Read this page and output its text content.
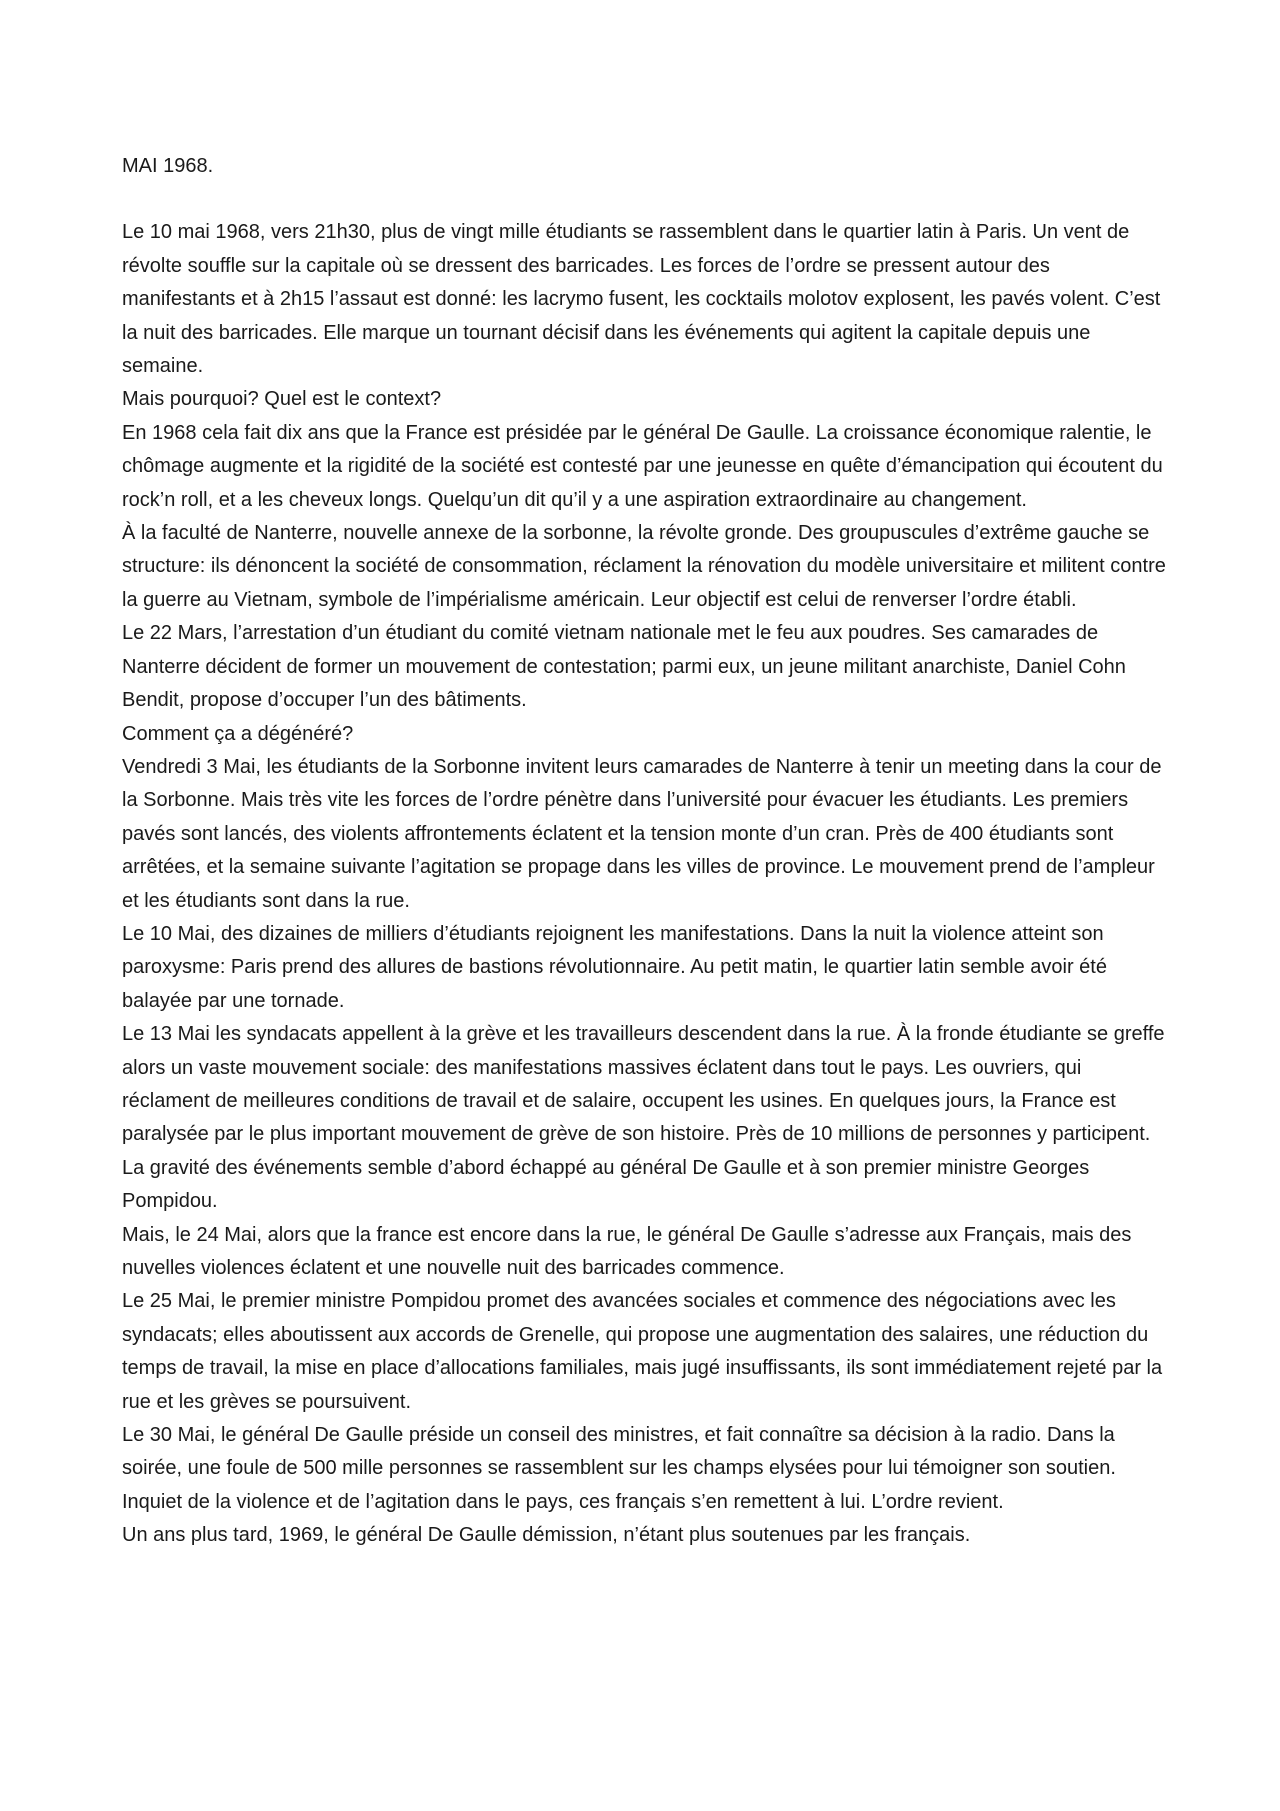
MAI 1968.

Le 10 mai 1968, vers 21h30, plus de vingt mille étudiants se rassemblent dans le quartier latin à Paris. Un vent de révolte souffle sur la capitale où se dressent des barricades. Les forces de l’ordre se pressent autour des manifestants et à 2h15 l’assaut est donné: les lacrymo fusent, les cocktails molotov explosent, les pavés volent. C’est la nuit des barricades. Elle marque un tournant décisif dans les événements qui agitent la capitale depuis une semaine.

Mais pourquoi? Quel est le context?

En 1968 cela fait dix ans que la France est présidée par le général De Gaulle. La croissance économique ralentie, le chômage augmente et la rigidité de la société est contesté par une jeunesse en quête d’émancipation qui écoutent du rock’n roll, et a les cheveux longs. Quelqu’un dit qu’il y a une aspiration extraordinaire au changement.

À la faculté de Nanterre, nouvelle annexe de la sorbonne, la révolte gronde. Des groupuscules d’extrême gauche se structure: ils dénoncent la société de consommation, réclament la rénovation du modèle universitaire et militent contre la guerre au Vietnam, symbole de l’impérialisme américain. Leur objectif est celui de renverser l’ordre établi.

Le 22 Mars, l’arrestation d’un étudiant du comité vietnam nationale met le feu aux poudres. Ses camarades de Nanterre décident de former un mouvement de contestation; parmi eux, un jeune militant anarchiste, Daniel Cohn Bendit, propose d’occuper l’un des bâtiments.

Comment ça a dégénéré?

Vendredi 3 Mai, les étudiants de la Sorbonne invitent leurs camarades de Nanterre à tenir un meeting dans la cour de la Sorbonne. Mais très vite les forces de l’ordre pénètre dans l’université pour évacuer les étudiants. Les premiers pavés sont lancés, des violents affrontements éclatent et la tension monte d’un cran. Près de 400 étudiants sont arrêtées, et la semaine suivante l’agitation se propage dans les villes de province. Le mouvement prend de l’ampleur et les étudiants sont dans la rue.

Le 10 Mai, des dizaines de milliers d’étudiants rejoignent les manifestations. Dans la nuit la violence atteint son paroxysme: Paris prend des allures de bastions révolutionnaire. Au petit matin, le quartier latin semble avoir été balayée par une tornade.

Le 13 Mai les syndacats appellent à la grève et les travailleurs descendent dans la rue. À la fronde étudiante se greffe alors un vaste mouvement sociale: des manifestations massives éclatent dans tout le pays. Les ouvriers, qui réclament de meilleures conditions de travail et de salaire, occupent les usines. En quelques jours, la France est paralysée par le plus important mouvement de grève de son histoire. Près de 10 millions de personnes y participent.

La gravité des événements semble d’abord échappé au général De Gaulle et à son premier ministre Georges Pompidou.

Mais, le 24 Mai, alors que la france est encore dans la rue, le général De Gaulle s’adresse aux Français, mais des nuvelles violences éclatent et une nouvelle nuit des barricades commence.

Le 25 Mai, le premier ministre Pompidou promet des avancées sociales et commence des négociations avec les syndacats; elles aboutissent aux accords de Grenelle, qui propose une augmentation des salaires, une réduction du temps de travail, la mise en place d’allocations familiales, mais jugé insuffissants, ils sont immédiatement rejeté par la rue et les grèves se poursuivent.

Le 30 Mai, le général De Gaulle préside un conseil des ministres, et fait connaître sa décision à la radio. Dans la soirée, une foule de 500 mille personnes se rassemblent sur les champs elysées pour lui témoigner son soutien. Inquiet de la violence et de l’agitation dans le pays, ces français s’en remettent à lui. L’ordre revient.

Un ans plus tard, 1969, le général De Gaulle démission, n’étant plus soutenues par les français.
